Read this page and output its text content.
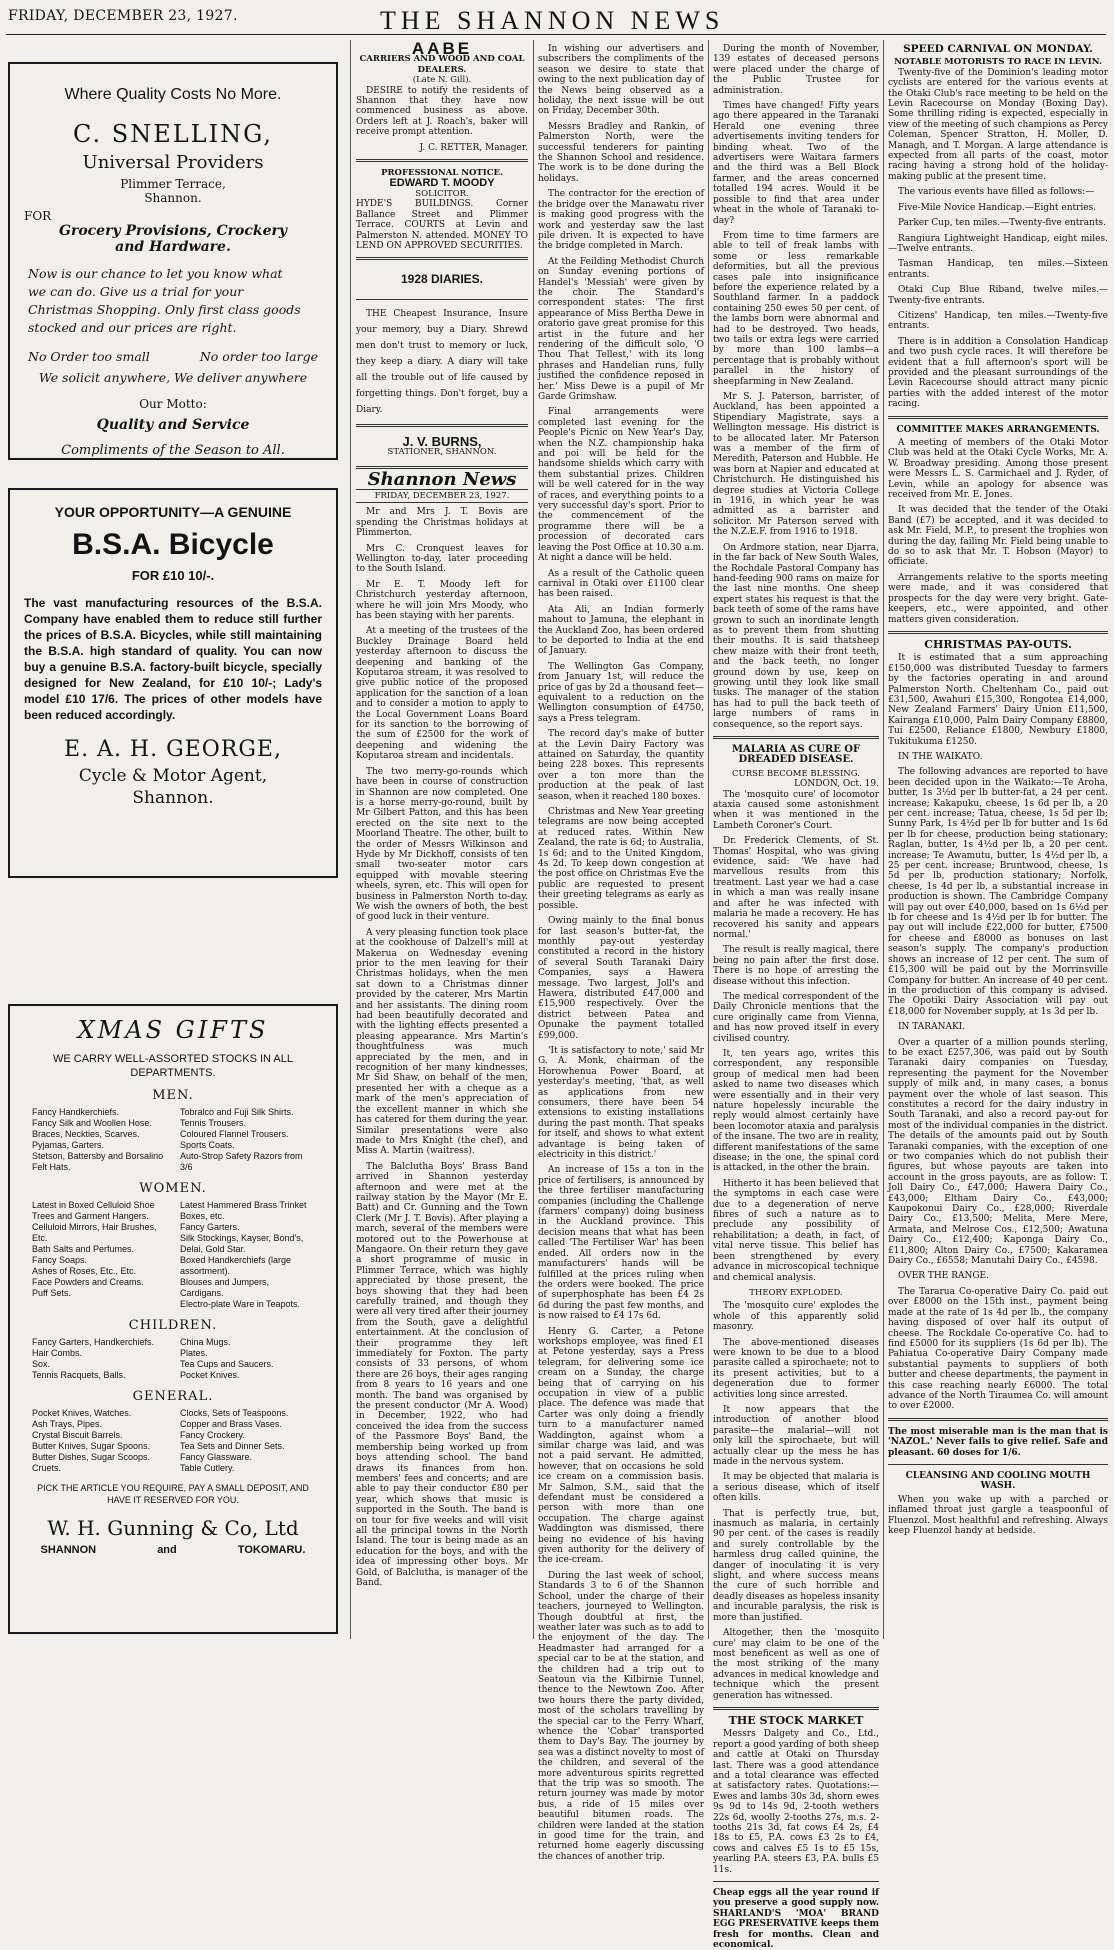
FRIDAY, DECEMBER 23, 1927.	THE SHANNON NEWS
Where Quality Costs No More.
C. SNELLING,
Universal Providers
Plimmer Terrace,
Shannon.
FOR
Grocery Provisions, Crockery
and Hardware.
Now is our chance to let you know what
we can do. Give us a trial for your
Christmas Shopping. Only first class goods
stocked and our prices are right.
No Order too small	No order too large
We solicit anywhere, We deliver anywhere
Our Motto:
Quality and Service
Compliments of the Season to All.
YOUR OPPORTUNITY—A GENUINE
B.S.A. Bicycle
FOR £10 10/-.
The vast manufacturing resources of the B.S.A. Company have enabled them to reduce still further the prices of B.S.A. Bicycles, while still maintaining the B.S.A. high standard of quality. You can now buy a genuine B.S.A. factory-built bicycle, specially designed for New Zealand, for £10 10/-; Lady's model £10 17/6. The prices of other models have been reduced accordingly.
E. A. H. GEORGE,
Cycle & Motor Agent,
Shannon.
XMAS GIFTS
WE CARRY WELL-ASSORTED STOCKS IN ALL DEPARTMENTS.
MEN.
Fancy Handkerchiefs.
Fancy Silk and Woollen Hose.
Braces, Neckties, Scarves.
Pyjamas, Garters.
Stetson, Battersby and Borsalino Felt Hats.
Tobralco and Fuji Silk Shirts.
Tennis Trousers.
Coloured Flannel Trousers.
Sports Coats.
Auto-Strop Safety Razors from 3/6
WOMEN.
Latest in Boxed Celluloid Shoe Trees and Garment Hangers.
Celluloid Mirrors, Hair Brushes, Etc.
Bath Salts and Perfumes.
Fancy Soaps.
Ashes of Roses, Etc., Etc.
Face Powders and Creams.
Puff Sets.
Latest Hammered Brass Trinket Boxes, etc.
Fancy Garters.
Silk Stockings, Kayser, Bond's, Delai, Gold Star.
Boxed Handkerchiefs (large assortment).
Blouses and Jumpers, Cardigans.
Electro-plate Ware in Teapots.
CHILDREN.
Fancy Garters, Handkerchiefs.
Hair Combs.
Sox.
Tennis Racquets, Balls.
China Mugs.
Plates.
Tea Cups and Saucers.
Pocket Knives.
GENERAL.
Pocket Knives, Watches.
Ash Trays, Pipes.
Crystal Biscuit Barrels.
Butter Knives, Sugar Spoons.
Butter Dishes, Sugar Scoops.
Cruets.
Clocks, Sets of Teaspoons.
Copper and Brass Vases.
Fancy Crockery.
Tea Sets and Dinner Sets.
Fancy Glassware.
Table Cutlery.
PICK THE ARTICLE YOU REQUIRE, PAY A SMALL DEPOSIT, AND HAVE IT RESERVED FOR YOU.
W. H. Gunning & Co, Ltd
SHANNON	and	TOKOMARU.
AABE
CARRIERS AND WOOD AND COAL DEALERS.
(Late N. Gill).

DESIRE to notify the residents of Shannon that they have now commenced business as above. Orders left at J. Roach's, baker will receive prompt attention.

J. C. RETTER, Manager.
PROFESSIONAL NOTICE.
EDWARD T. MOODY
SOLICITOR.

HYDE'S BUILDINGS. Corner Ballance Street and Plimmer Terrace. COURTS at Levin and Palmerston N. attended. MONEY TO LEND ON APPROVED SECURITIES.

1928 DIARIES.

THE Cheapest Insurance, Insure your memory, buy a Diary. Shrewd men don't trust to memory or luck, they keep a diary. A diary will take all the trouble out of life caused by forgetting things. Don't forget, buy a Diary.

J. V. BURNS,
STATIONER, SHANNON.
Shannon News
FRIDAY, DECEMBER 23, 1927.

Mr and Mrs J. T. Bovis are spending the Christmas holidays at Plimmerton.

Mrs C. Cronquest leaves for Wellington to-day, later proceeding to the South Island.

Mr E. T. Moody left for Christchurch yesterday afternoon, where he will join Mrs Moody, who has been staying with her parents.

At a meeting of the trustees of the Buckley Drainage Board held yesterday afternoon to discuss the deepening and banking of the Koputaroa stream, it was resolved to give public notice of the proposed application for the sanction of a loan and to consider a motion to apply to the Local Government Loans Board for its sanction to the borrowing of the sum of £2500 for the work of deepening and widening the Koputaroa stream and incidentals.

The two merry-go-rounds which have been in course of construction in Shannon are now completed. One is a horse merry-go-round, built by Mr Gilbert Patton, and this has been erected on the site next to the Moorland Theatre. The other, built to the order of Messrs Wilkinson and Hyde by Mr Dickhoff, consists of ten small two-seater motor cars equipped with movable steering wheels, syren, etc. This will open for business in Palmerston North to-day. We wish the owners of both, the best of good luck in their venture.

A very pleasing function took place at the cookhouse of Dalzell's mill at Makerua on Wednesday evening prior to the men leaving for their Christmas holidays, when the men sat down to a Christmas dinner provided by the caterer, Mrs Martin and her assistants. The dining room had been beautifully decorated and with the lighting effects presented a pleasing appearance. Mrs Martin's thoughtfulness was much appreciated by the men, and in recognition of her many kindnesses, Mr Sid Shaw, on behalf of the men, presented her with a cheque as a mark of the men's appreciation of the excellent manner in which she has catered for them during the year. Similar presentations were also made to Mrs Knight (the chef), and Miss A. Martin (waitress).

The Balclutha Boys' Brass Band arrived in Shannon yesterday afternoon and were met at the railway station by the Mayor (Mr E. Batt) and Cr. Gunning and the Town Clerk (Mr J. T. Bovis). After playing a march, several of the members were motored out to the Powerhouse at Mangaore. On their return they gave a short programme of music in Plimmer Terrace, which was highly appreciated by those present, the boys showing that they had been carefully trained, and though they were all very tired after their journey from the South, gave a delightful entertainment. At the conclusion of their programme they left immediately for Foxton. The party consists of 33 persons, of whom there are 26 boys, their ages ranging from 8 years to 16 years and one month. The band was organised by the present conductor (Mr A. Wood) in December, 1922, who had conceived the idea from the success of the Passmore Boys' Band, the membership being worked up from boys attending school. The band draws its finances from hon. members' fees and concerts; and are able to pay their conductor £80 per year, which shows that music is supported in the South. The band is on tour for five weeks and will visit all the principal towns in the North Island. The tour is being made as an education for the boys, and with the idea of impressing other boys. Mr Gold, of Balclutha, is manager of the Band.

In wishing our advertisers and subscribers the compliments of the season we desire to state that owing to the next publication day of the News being observed as a holiday, the next issue will be out on Friday, December 30th.

Messrs Bradley and Rankin, of Palmerston North, were the successful tenderers for painting the Shannon School and residence. The work is to be done during the holidays.

The contractor for the erection of the bridge over the Manawatu river is making good progress with the work and yesterday saw the last pile driven. It is expected to have the bridge completed in March.

At the Feilding Methodist Church on Sunday evening portions of Handel's 'Messiah' were given by the choir. The Standard's correspondent states: 'The first appearance of Miss Bertha Dewe in oratorio gave great promise for this artist in the future and her rendering of the difficult solo, 'O Thou That Tellest,' with its long phrases and Handelian runs, fully justified the confidence reposed in her.' Miss Dewe is a pupil of Mr Garde Grimshaw.

Final arrangements were completed last evening for the People's Picnic on New Year's Day, when the N.Z. championship haka and poi will be held for the handsome shields which carry with them substantial prizes. Children will be well catered for in the way of races, and everything points to a very successful day's sport. Prior to the commencement of the programme there will be a procession of decorated cars leaving the Post Office at 10.30 a.m. At night a dance will be held.

As a result of the Catholic queen carnival in Otaki over £1100 clear has been raised.

Ata Ali, an Indian formerly mahout to Jamuna, the elephant in the Auckland Zoo, has been ordered to be deported to India at the end of January.

The Wellington Gas Company, from January 1st, will reduce the price of gas by 2d a thousand feet—equivalent to a reduction on the Wellington consumption of £4750, says a Press telegram.

The record day's make of butter at the Levin Dairy Factory was attained on Saturday, the quantity being 228 boxes. This represents over a ton more than the production at the peak of last season, when it reached 180 boxes.

Christmas and New Year greeting telegrams are now being accepted at reduced rates. Within New Zealand, the rate is 6d; to Australia, 1s 6d; and to the United Kingdom, 4s 2d. To keep down congestion at the post office on Christmas Eve the public are requested to present their greeting telegrams as early as possible.

Owing mainly to the final bonus for last season's butter-fat, the monthly pay-out yesterday constituted a record in the history of several South Taranaki Dairy Companies, says a Hawera message. Two largest, Joll's and Hawera, distributed £47,000 and £15,900 respectively. Over the district between Patea and Opunake the payment totalled £99,000.

'It is satisfactory to note,' said Mr G. A. Monk, chairman of the Horowhenua Power Board, at yesterday's meeting, 'that, as well as applications from new consumers, there have been 54 extensions to existing installations during the past month. That speaks for itself, and shows to what extent advantage is being taken of electricity in this district.'

An increase of 15s a ton in the price of fertilisers, is announced by the three fertiliser manufacturing companies (including the Challenge (farmers' company) doing business in the Auckland province. This decision means that what has been called 'The Fertiliser War' has been ended. All orders now in the manufacturers' hands will be fulfilled at the prices ruling when the orders were booked. The price of superphosphate has been £4 2s 6d during the past few months, and is now raised to £4 17s 6d.

Henry G. Carter, a Petone workshops employee, was fined £1 at Petone yesterday, says a Press telegram, for delivering some ice cream on a Sunday, the charge being that of carrying on his occupation in view of a public place. The defence was made that Carter was only doing a friendly turn to a manufacturer named Waddington, against whom a similar charge was laid, and was not a paid servant. He admitted, however, that on occasions he sold ice cream on a commission basis. Mr Salmon, S.M., said that the defendant must be considered a person with more than one occupation. The charge against Waddington was dismissed, there being no evidence of his having given authority for the delivery of the ice-cream.

During the last week of school, Standards 3 to 6 of the Shannon School, under the charge of their teachers, journeyed to Wellington. Though doubtful at first, the weather later was such as to add to the enjoyment of the day. The Headmaster had arranged for a special car to be at the station, and the children had a trip out to Seatoun via the Kilbirnie Tunnel, thence to the Newtown Zoo. After two hours there the party divided, most of the scholars travelling by the special car to the Ferry Wharf, whence the 'Cobar' transported them to Day's Bay. The journey by sea was a distinct novelty to most of the children, and several of the more adventurous spirits regretted that the trip was so smooth. The return journey was made by motor bus, a ride of 15 miles over beautiful bitumen roads. The children were landed at the station in good time for the train, and returned home eagerly discussing the chances of another trip.

During the month of November, 139 estates of deceased persons were placed under the charge of the Public Trustee for administration.

Times have changed! Fifty years ago there appeared in the Taranaki Herald one evening three advertisements inviting tenders for binding wheat. Two of the advertisers were Waitara farmers and the third was a Bell Block farmer, and the areas concerned totalled 194 acres. Would it be possible to find that area under wheat in the whole of Taranaki to-day?

From time to time farmers are able to tell of freak lambs with some or less remarkable deformities, but all the previous cases pale into insignificance before the experience related by a Southland farmer. In a paddock containing 250 ewes 50 per cent. of the lambs born were abnormal and had to be destroyed. Two heads, two tails or extra legs were carried by more than 100 lambs—a percentage that is probably without parallel in the history of sheepfarming in New Zealand.

Mr S. J. Paterson, barrister, of Auckland, has been appointed a Stipendiary Magistrate, says a Wellington message. His district is to be allocated later. Mr Paterson was a member of the firm of Meredith, Paterson and Hubble. He was born at Napier and educated at Christchurch. He distinguished his degree studies at Victoria College in 1916, in which year he was admitted as a barrister and solicitor. Mr Paterson served with the N.Z.E.F. from 1916 to 1918.

On Ardmore station, near Djarra, in the far back of New South Wales, the Rochdale Pastoral Company has hand-feeding 900 rams on maize for the last nine months. One sheep expert states his request is that the back teeth of some of the rams have grown to such an inordinate length as to prevent them from shutting their mouths. It is said thatsheep chew maize with their front teeth, and the back teeth, no longer ground down by use, keep on growing until they look like small tusks. The manager of the station has had to pull the back teeth of large numbers of rams in consequence, so the report says.

MALARIA AS CURE OF DREADED DISEASE.
CURSE BECOME BLESSING.
LONDON, Oct. 19.

The 'mosquito cure' of locomotor ataxia caused some astonishment when it was mentioned in the Lambeth Coroner's Court.

Dr. Frederick Clements, of St. Thomas' Hospital, who was giving evidence, said: 'We have had marvellous results from this treatment. Last year we had a case in which a man was really insane and after he was infected with malaria he made a recovery. He has recovered his sanity and appears normal.'

The result is really magical, there being no pain after the first dose. There is no hope of arresting the disease without this infection.

The medical correspondent of the Daily Chronicle mentions that the cure originally came from Vienna, and has now proved itself in every civilised country.

It, ten years ago, writes this correspondent, any responsible group of medical men had been asked to name two diseases which were essentially and in their very nature hopelessly incurable the reply would almost certainly have been locomotor ataxia and paralysis of the insane. The two are in reality, different manifestations of the same disease; in the one, the spinal cord is attacked, in the other the brain.

Hitherto it has been believed that the symptoms in each case were due to a degeneration of nerve fibres of such a nature as to preclude any possibility of rehabilitation; a death, in fact, of vital nerve tissue. This belief has been strengthened by every advance in microscopical technique and chemical analysis.

THEORY EXPLODED.

The 'mosquito cure' explodes the whole of this apparently solid masonry.

The above-mentioned diseases were known to be due to a blood parasite called a spirochaete; not to its present activities, but to a degeneration due to former activities long since arrested.

It now appears that the introduction of another blood parasite—the malarial—will not only kill the spirochaete, but will actually clear up the mess he has made in the nervous system.

It may be objected that malaria is a serious disease, which of itself often kills.

That is perfectly true, but, inasmuch as malaria, in certainly 90 per cent. of the cases is readily and surely controllable by the harmless drug called quinine, the danger of inoculating it is very slight, and where success means the cure of such horrible and deadly diseases as hopeless insanity and incurable paralysis, the risk is more than justified.

Altogether, then the 'mosquito cure' may claim to be one of the most beneficent as well as one of the most striking of the many advances in medical knowledge and technique which the present generation has witnessed.

THE STOCK MARKET

Messrs Dalgety and Co., Ltd., report a good yarding of both sheep and cattle at Otaki on Thursday last. There was a good attendance and a total clearance was effected at satisfactory rates. Quotations:—Ewes and lambs 30s 3d, shorn ewes 9s 9d to 14s 9d, 2-tooth wethers 22s 6d, woolly 2-tooths 27s, m.s. 2-tooths 21s 3d, fat cows £4 2s, £4 18s to £5, P.A. cows £3 2s to £4, cows and calves £5 1s to £5 15s, yearling P.A. steers £3, P.A. bulls £5 11s.

Cheap eggs all the year round if you preserve a good supply now. SHARLAND'S 'MOA' BRAND EGG PRESERVATIVE keeps them fresh for months. Clean and economical.

SPEED CARNIVAL ON MONDAY.
NOTABLE MOTORISTS TO RACE IN LEVIN.

Twenty-five of the Dominion's leading motor cyclists are entered for the various events at the Otaki Club's race meeting to be held on the Levin Racecourse on Monday (Boxing Day). Some thrilling riding is expected, especially in view of the meeting of such champions as Percy Coleman, Spencer Stratton, H. Moller, D. Managh, and T. Morgan. A large attendance is expected from all parts of the coast, motor racing having a strong hold of the holiday-making public at the present time.

The various events have filled as follows:—

Five-Mile Novice Handicap.—Eight entries.

Parker Cup, ten miles.—Twenty-five entrants.

Rangiura Lightweight Handicap, eight miles.—Twelve entrants.

Tasman Handicap, ten miles.—Sixteen entrants.

Otaki Cup Blue Riband, twelve miles.—Twenty-five entrants.

Citizens' Handicap, ten miles.—Twenty-five entrants.

There is in addition a Consolation Handicap and two push cycle races. It will therefore be evident that a full afternoon's sport will be provided and the pleasant surroundings of the Levin Racecourse should attract many picnic parties with the added interest of the motor racing.

COMMITTEE MAKES ARRANGEMENTS.

A meeting of members of the Otaki Motor Club was held at the Otaki Cycle Works, Mr. A. W. Broadway presiding. Among those present were Messrs L. S. Carmichael and J. Ryder, of Levin, while an apology for absence was received from Mr. E. Jones.

It was decided that the tender of the Otaki Band (£7) be accepted, and it was decided to ask Mr. Field, M.P., to present the trophies won during the day, failing Mr. Field being unable to do so to ask that Mr. T. Hobson (Mayor) to officiate.

Arrangements relative to the sports meeting were made, and it was considered that prospects for the day were very bright. Gate-keepers, etc., were appointed, and other matters given consideration.

CHRISTMAS PAY-OUTS.

It is estimated that a sum approaching £150,000 was distributed Tuesday to farmers by the factories operating in and around Palmerston North. Cheltenham Co., paid out £31,500, Awahuri £15,300, Rongotea £14,000, New Zealand Farmers' Dairy Union £11,500, Kairanga £10,000, Palm Dairy Company £8800, Tui £2500, Reliance £1800, Newbury £1800, Tukitukuma £1250.

IN THE WAIKATO.

The following advances are reported to have been decided upon in the Waikato:—Te Aroha, butter, 1s 3½d per lb butter-fat, a 24 per cent. increase; Kakapuku, cheese, 1s 6d per lb, a 20 per cent. increase; Tatua, cheese, 1s 5d per lb; Sunny Park, 1s 4½d per lb for butter and 1s 6d per lb for cheese, production being stationary; Raglan, butter, 1s 4½d per lb, a 20 per cent. increase; Te Awamutu, butter, 1s 4½d per lb, a 25 per cent. increase; Bruntwood, cheese, 1s 5d per lb, production stationary; Norfolk, cheese, 1s 4d per lb, a substantial increase in production is shown. The Cambridge Company will pay out over £40,000, based on 1s 6½d per lb for cheese and 1s 4½d per lb for butter. The pay out will include £22,000 for butter, £7500 for cheese and £8000 as bonuses on last season's supply. The company's production shows an increase of 12 per cent. The sum of £15,300 will be paid out by the Morrinsville Company for butter. An increase of 40 per cent. in the production of this company is advised. The Opotiki Dairy Association will pay out £18,000 for November supply, at 1s 3d per lb.

IN TARANAKI.

Over a quarter of a million pounds sterling, to be exact £257,306, was paid out by South Taranaki dairy companies on Tuesday, representing the payment for the November supply of milk and, in many cases, a bonus payment over the whole of last season. This constitutes a record for the dairy industry in South Taranaki, and also a record pay-out for most of the individual companies in the district. The details of the amounts paid out by South Taranaki companies, with the exception of one or two companies which do not publish their figures, but whose payouts are taken into account in the gross payouts, are as follow: T. Joll Dairy Co., £47,000; Hawera Dairy Co., £43,000; Eltham Dairy Co., £43,000; Kaupokonui Dairy Co., £28,000; Riverdale Dairy Co., £13,500; Melita, Mere Mere, Armata, and Melrose Cos., £12,500; Awatuna Dairy Co., £12,400; Kaponga Dairy Co., £11,800; Alton Dairy Co., £7500; Kakaramea Dairy Co., £6558; Manutahi Dairy Co., £4598.

OVER THE RANGE.

The Tararua Co-operative Dairy Co. paid out over £8000 on the 15th inst., payment being made at the rate of 1s 4d per lb., the company having disposed of over half its output of cheese. The Rockdale Co-operative Co. had to find £5000 for its suppliers (1s 6d per lb). The Pahiatua Co-operative Dairy Company made substantial payments to suppliers of both butter and cheese departments, the payment in this case reaching nearly £6000. The total advance of the North Tiraumea Co. will amount to over £2000.

The most miserable man is the man that is 'NAZOL.' Never fails to give relief. Safe and pleasant. 60 doses for 1/6.

CLEANSING AND COOLING MOUTH WASH.

When you wake up with a parched or inflamed throat just gargle a teaspoonful of Fluenzol. Most healthful and refreshing. Always keep Fluenzol handy at bedside.
